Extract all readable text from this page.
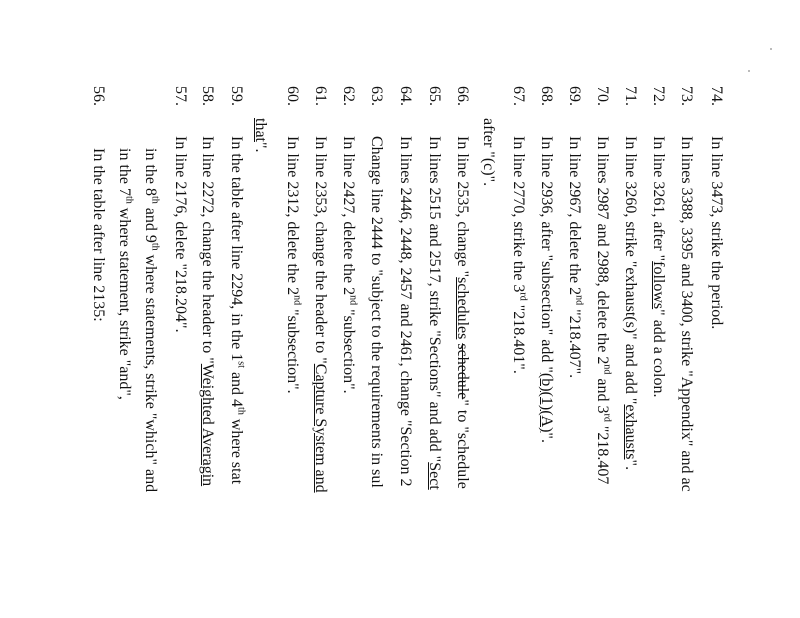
56.
In the table after line 2135: in the 7th where statement, strike "and",
in the 8th and 9th where statements, strike "which" and
57.
In line 2176, delete "218.204".
58.
In line 2272, change the header to "Weighted Averagin
59.
In the table after line 2294, in the 1st and 4th where stat
that".
60.
In line 2312, delete the 2nd "subsection".
61.
In line 2353, change the header to "Capture System and
62.
In line 2427, delete the 2nd "subsection".
63.
Change line 2444 to "subject to the requirements in sul
64.
In lines 2446, 2448, 2457 and 2461, change "Section 2
65.
In lines 2515 and 2517, strike "Sections" and add "Sect
66.
In line 2535, change "schedules schedule" to "schedule
after "(c)".
67.
In line 2770, strike the 3rd "218.401".
68.
In line 2936, after "subsection" add "(b)(1)(A)".
69.
In line 2967, delete the 2nd "218.407".
70.
In lines 2987 and 2988, delete the 2nd and 3rd "218.407
71.
In line 3260, strike "exhaust(s)" and add "exhausts".
72.
In line 3261, after "follows" add a colon.
73.
In lines 3388, 3395 and 3400, strike "Appendix" and ac
74.
In line 3473, strike the period.
